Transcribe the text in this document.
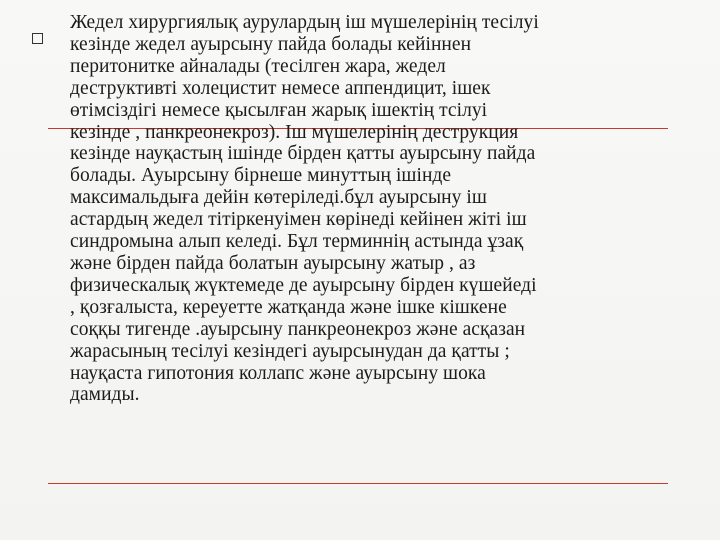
Жедел хирургиялық аурулардың іш мүшелерінің тесілуі
кезінде жедел ауырсыну пайда болады кейіннен
перитонитке айналады (тесілген жара, жедел
деструктивті холецистит немесе аппендицит, ішек
өтімсіздігі немесе қысылған жарық ішектің тсілуі
кезінде , панкреонекроз). Іш мүшелерінің деструкция
кезінде науқастың ішінде бірден қатты ауырсыну пайда
болады. Ауырсыну бірнеше минуттың ішінде
максимальдыға дейін көтеріледі.бұл ауырсыну іш
астардың жедел тітіркенуімен көрінеді кейінен жіті іш
синдромына алып келеді. Бұл терминнің астында ұзақ
және бірден пайда болатын ауырсыну жатыр , аз
физическалық жүктемеде де ауырсыну бірден күшейеді
, қозғалыста, кереуетте жатқанда және ішке кішкене
соққы тигенде .ауырсыну панкреонекроз және асқазан
жарасының тесілуі кезіндегі ауырсынудан да қатты ;
науқаста гипотония коллапс және ауырсыну шока
дамиды.
